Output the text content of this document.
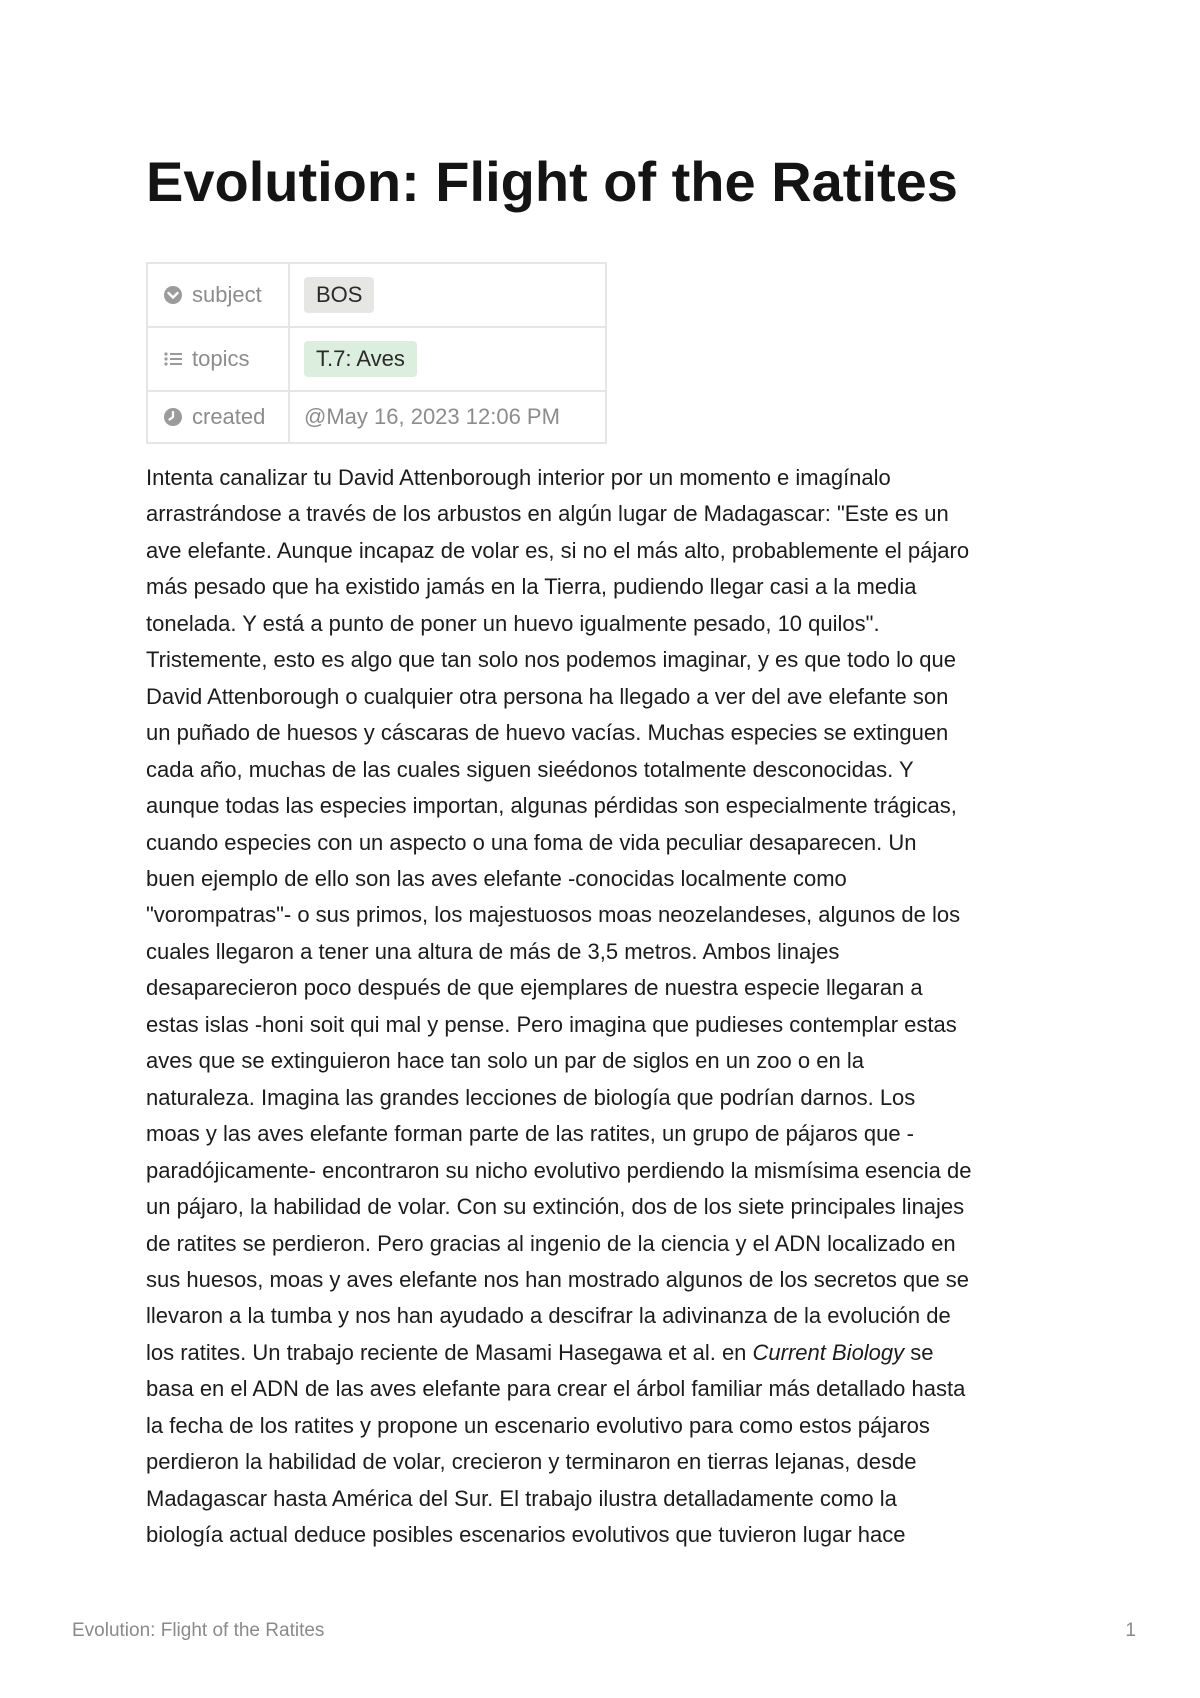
Evolution: Flight of the Ratites
subject	BOS

topics	T.7: Aves

created	@May 16, 2023 12:06 PM
Intenta canalizar tu David Attenborough interior por un momento e imagínalo
arrastrándose a través de los arbustos en algún lugar de Madagascar: "Este es un
ave elefante. Aunque incapaz de volar es, si no el más alto, probablemente el pájaro
más pesado que ha existido jamás en la Tierra, pudiendo llegar casi a la media
tonelada. Y está a punto de poner un huevo igualmente pesado, 10 quilos".
Tristemente, esto es algo que tan solo nos podemos imaginar, y es que todo lo que
David Attenborough o cualquier otra persona ha llegado a ver del ave elefante son
un puñado de huesos y cáscaras de huevo vacías. Muchas especies se extinguen
cada año, muchas de las cuales siguen sieédonos totalmente desconocidas. Y
aunque todas las especies importan, algunas pérdidas son especialmente trágicas,
cuando especies con un aspecto o una foma de vida peculiar desaparecen. Un
buen ejemplo de ello son las aves elefante -conocidas localmente como
"vorompatras"- o sus primos, los majestuosos moas neozelandeses, algunos de los
cuales llegaron a tener una altura de más de 3,5 metros. Ambos linajes
desaparecieron poco después de que ejemplares de nuestra especie llegaran a
estas islas -honi soit qui mal y pense. Pero imagina que pudieses contemplar estas
aves que se extinguieron hace tan solo un par de siglos en un zoo o en la
naturaleza. Imagina las grandes lecciones de biología que podrían darnos. Los
moas y las aves elefante forman parte de las ratites, un grupo de pájaros que -
paradójicamente- encontraron su nicho evolutivo perdiendo la mismísima esencia de
un pájaro, la habilidad de volar. Con su extinción, dos de los siete principales linajes
de ratites se perdieron. Pero gracias al ingenio de la ciencia y el ADN localizado en
sus huesos, moas y aves elefante nos han mostrado algunos de los secretos que se
llevaron a la tumba y nos han ayudado a descifrar la adivinanza de la evolución de
los ratites. Un trabajo reciente de Masami Hasegawa et al. en Current Biology se
basa en el ADN de las aves elefante para crear el árbol familiar más detallado hasta
la fecha de los ratites y propone un escenario evolutivo para como estos pájaros
perdieron la habilidad de volar, crecieron y terminaron en tierras lejanas, desde
Madagascar hasta América del Sur. El trabajo ilustra detalladamente como la
biología actual deduce posibles escenarios evolutivos que tuvieron lugar hace
Evolution: Flight of the Ratites	1
